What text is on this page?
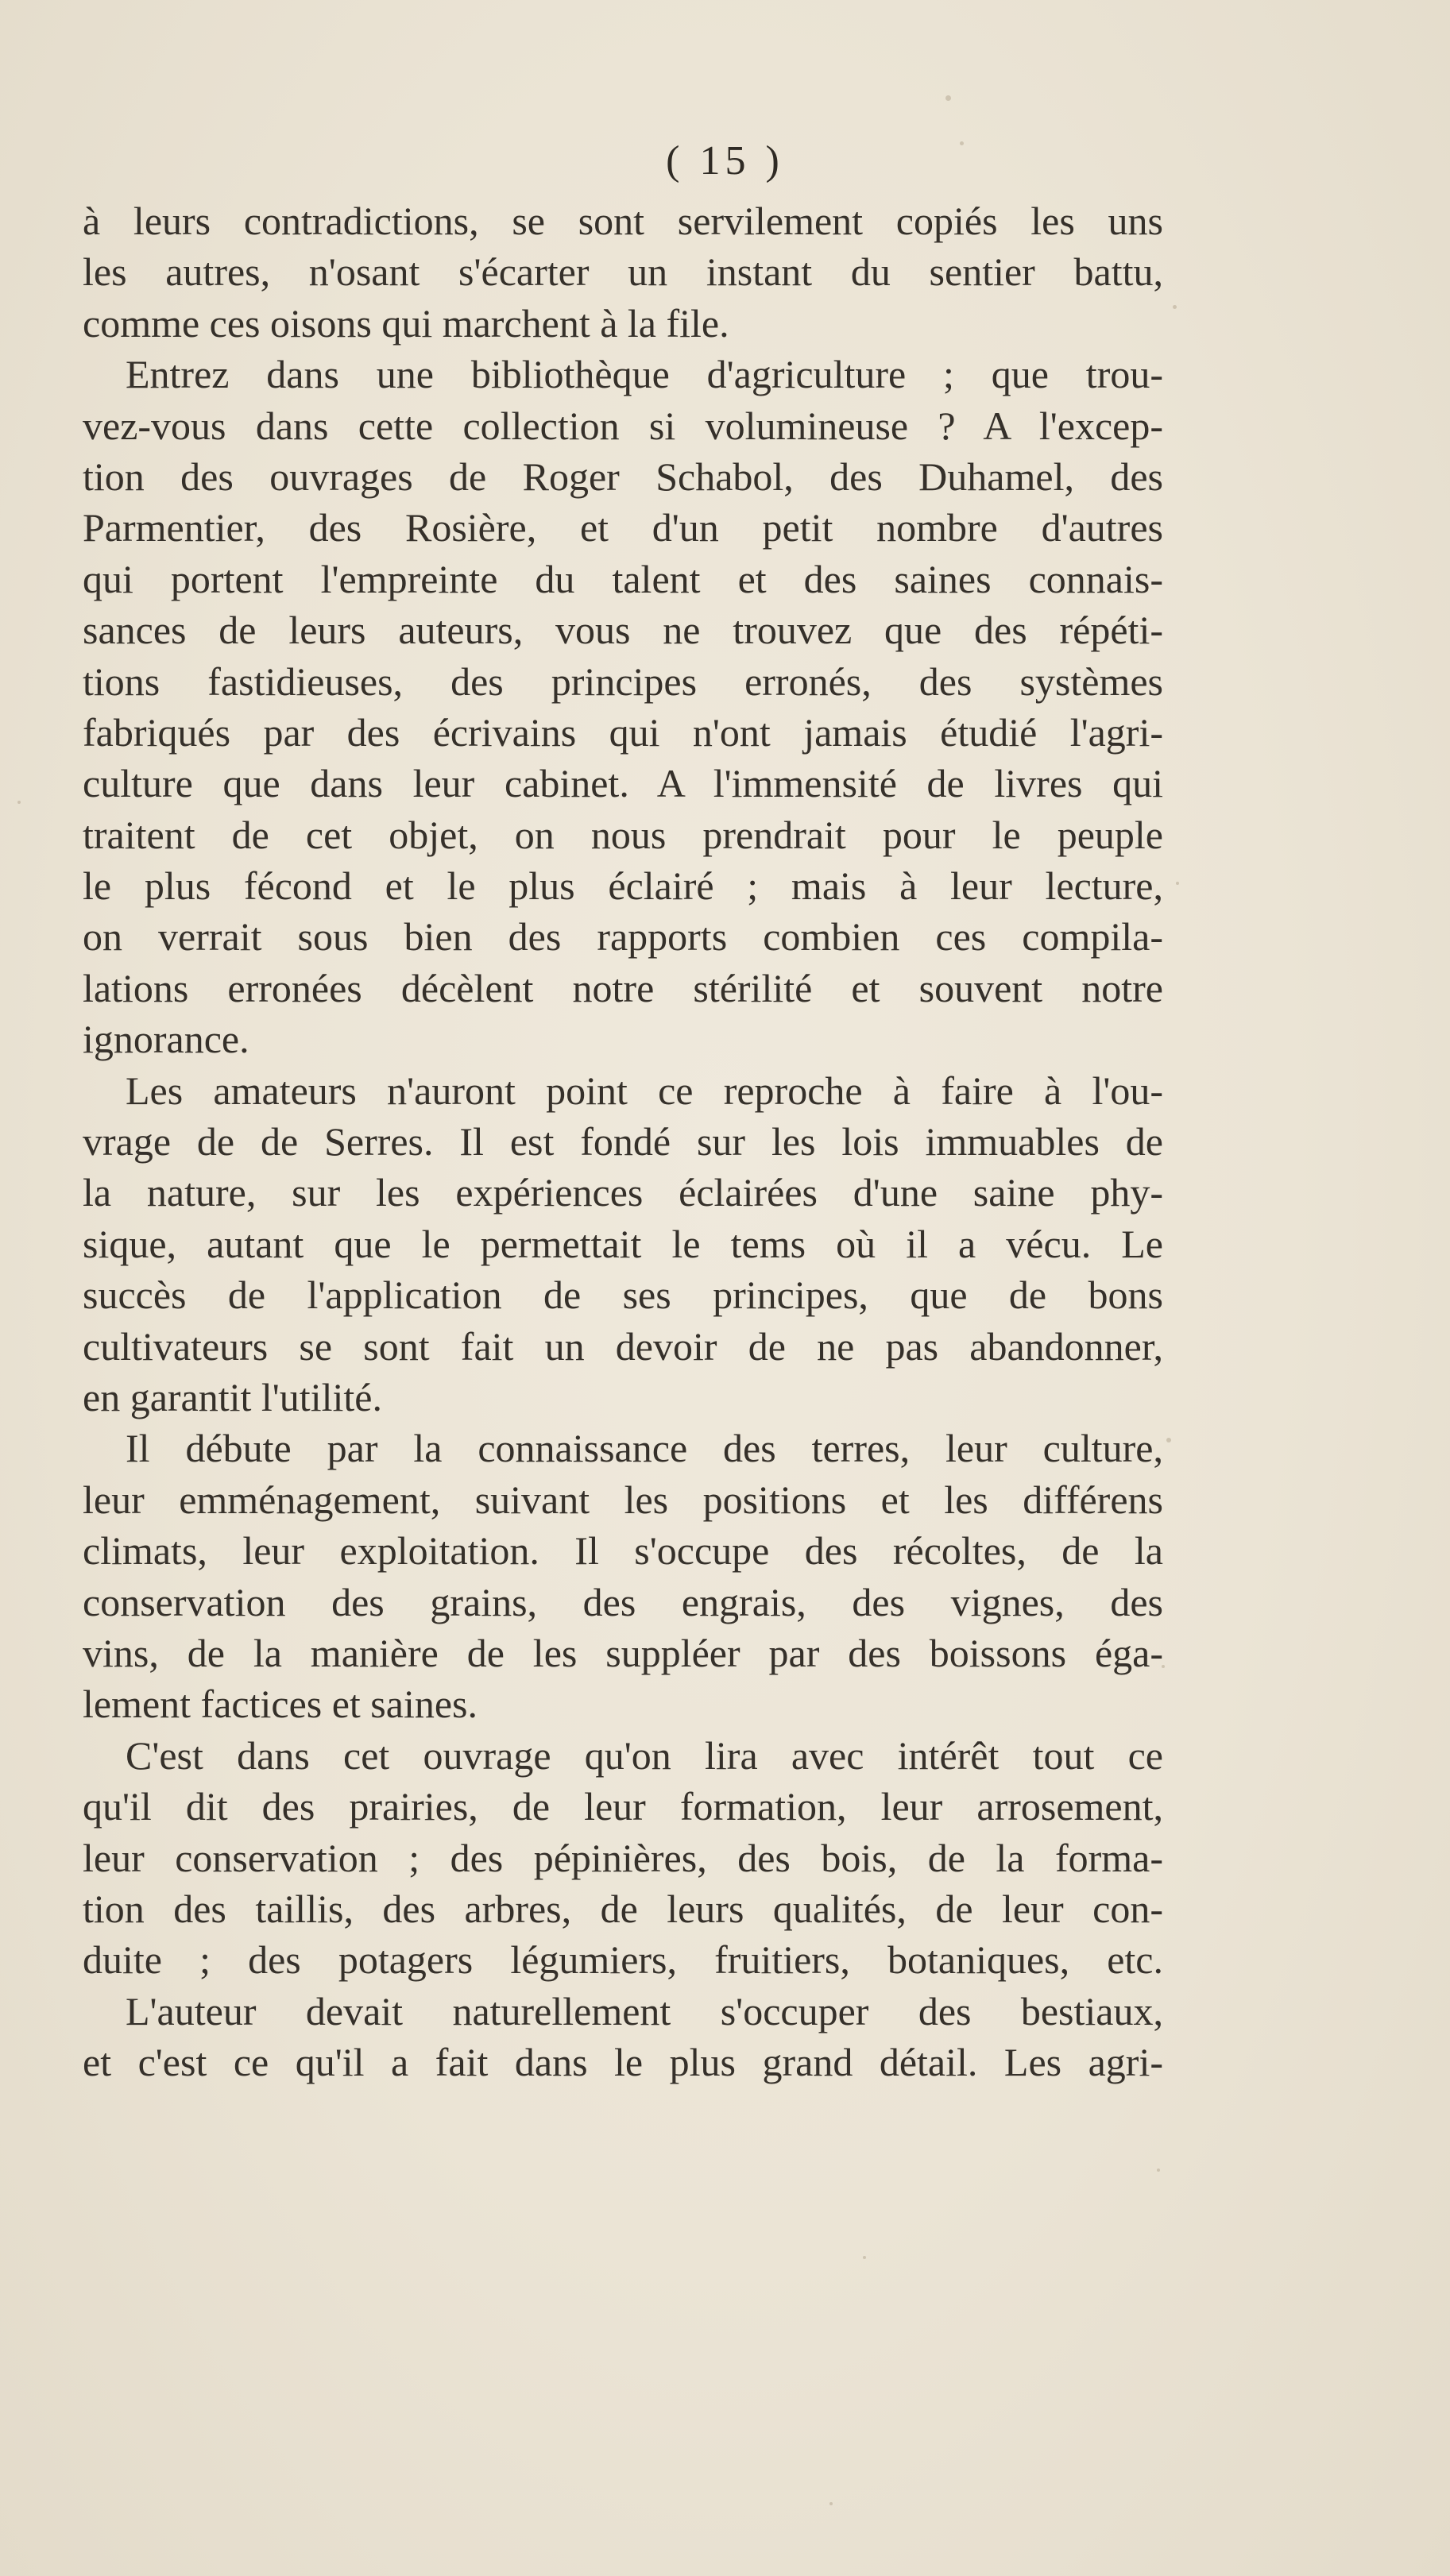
( 15 )
à leurs contradictions, se sont servilement copiés les uns
les autres, n'osant s'écarter un instant du sentier battu,
comme ces oisons qui marchent à la file.
Entrez dans une bibliothèque d'agriculture ; que trou-
vez-vous dans cette collection si volumineuse ? A l'excep-
tion des ouvrages de Roger Schabol, des Duhamel, des
Parmentier, des Rosière, et d'un petit nombre d'autres
qui portent l'empreinte du talent et des saines connais-
sances de leurs auteurs, vous ne trouvez que des répéti-
tions fastidieuses, des principes erronés, des systèmes
fabriqués par des écrivains qui n'ont jamais étudié l'agri-
culture que dans leur cabinet. A l'immensité de livres qui
traitent de cet objet, on nous prendrait pour le peuple
le plus fécond et le plus éclairé ; mais à leur lecture,
on verrait sous bien des rapports combien ces compila-
lations erronées décèlent notre stérilité et souvent notre
ignorance.
Les amateurs n'auront point ce reproche à faire à l'ou-
vrage de de Serres. Il est fondé sur les lois immuables de
la nature, sur les expériences éclairées d'une saine phy-
sique, autant que le permettait le tems où il a vécu. Le
succès de l'application de ses principes, que de bons
cultivateurs se sont fait un devoir de ne pas abandonner,
en garantit l'utilité.
Il débute par la connaissance des terres, leur culture,
leur emménagement, suivant les positions et les différens
climats, leur exploitation. Il s'occupe des récoltes, de la
conservation des grains, des engrais, des vignes, des
vins, de la manière de les suppléer par des boissons éga-
lement factices et saines.
C'est dans cet ouvrage qu'on lira avec intérêt tout ce
qu'il dit des prairies, de leur formation, leur arrosement,
leur conservation ; des pépinières, des bois, de la forma-
tion des taillis, des arbres, de leurs qualités, de leur con-
duite ; des potagers légumiers, fruitiers, botaniques, etc.
L'auteur devait naturellement s'occuper des bestiaux,
et c'est ce qu'il a fait dans le plus grand détail. Les agri-
